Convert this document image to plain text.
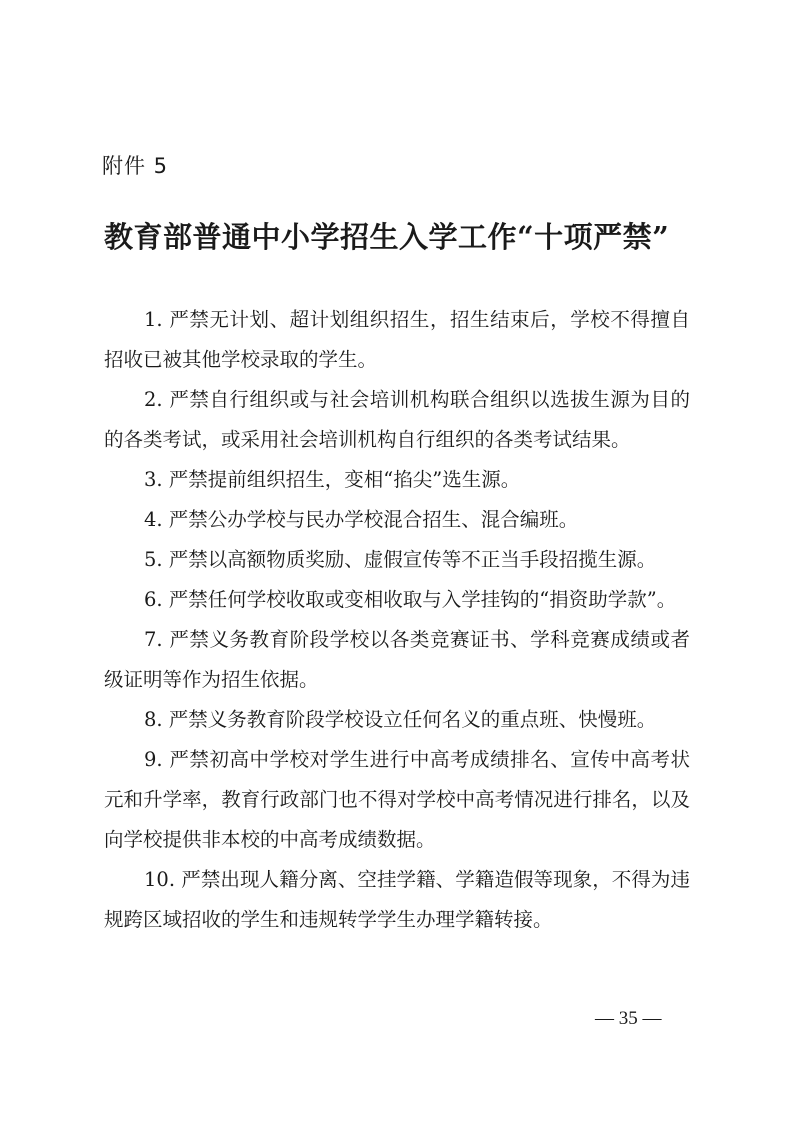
附件 5
教育部普通中小学招生入学工作“十项严禁”

1. 严禁无计划、超计划组织招生，招生结束后，学校不得擅自招收已被其他学校录取的学生。

2. 严禁自行组织或与社会培训机构联合组织以选拔生源为目的的各类考试，或采用社会培训机构自行组织的各类考试结果。

3. 严禁提前组织招生，变相“掐尖”选生源。

4. 严禁公办学校与民办学校混合招生、混合编班。

5. 严禁以高额物质奖励、虚假宣传等不正当手段招揽生源。

6. 严禁任何学校收取或变相收取与入学挂钩的“捐资助学款”。

7. 严禁义务教育阶段学校以各类竞赛证书、学科竞赛成绩或者级证明等作为招生依据。

8. 严禁义务教育阶段学校设立任何名义的重点班、快慢班。

9. 严禁初高中学校对学生进行中高考成绩排名、宣传中高考状元和升学率，教育行政部门也不得对学校中高考情况进行排名，以及向学校提供非本校的中高考成绩数据。

10. 严禁出现人籍分离、空挂学籍、学籍造假等现象，不得为违规跨区域招收的学生和违规转学学生办理学籍转接。

— 35 —
